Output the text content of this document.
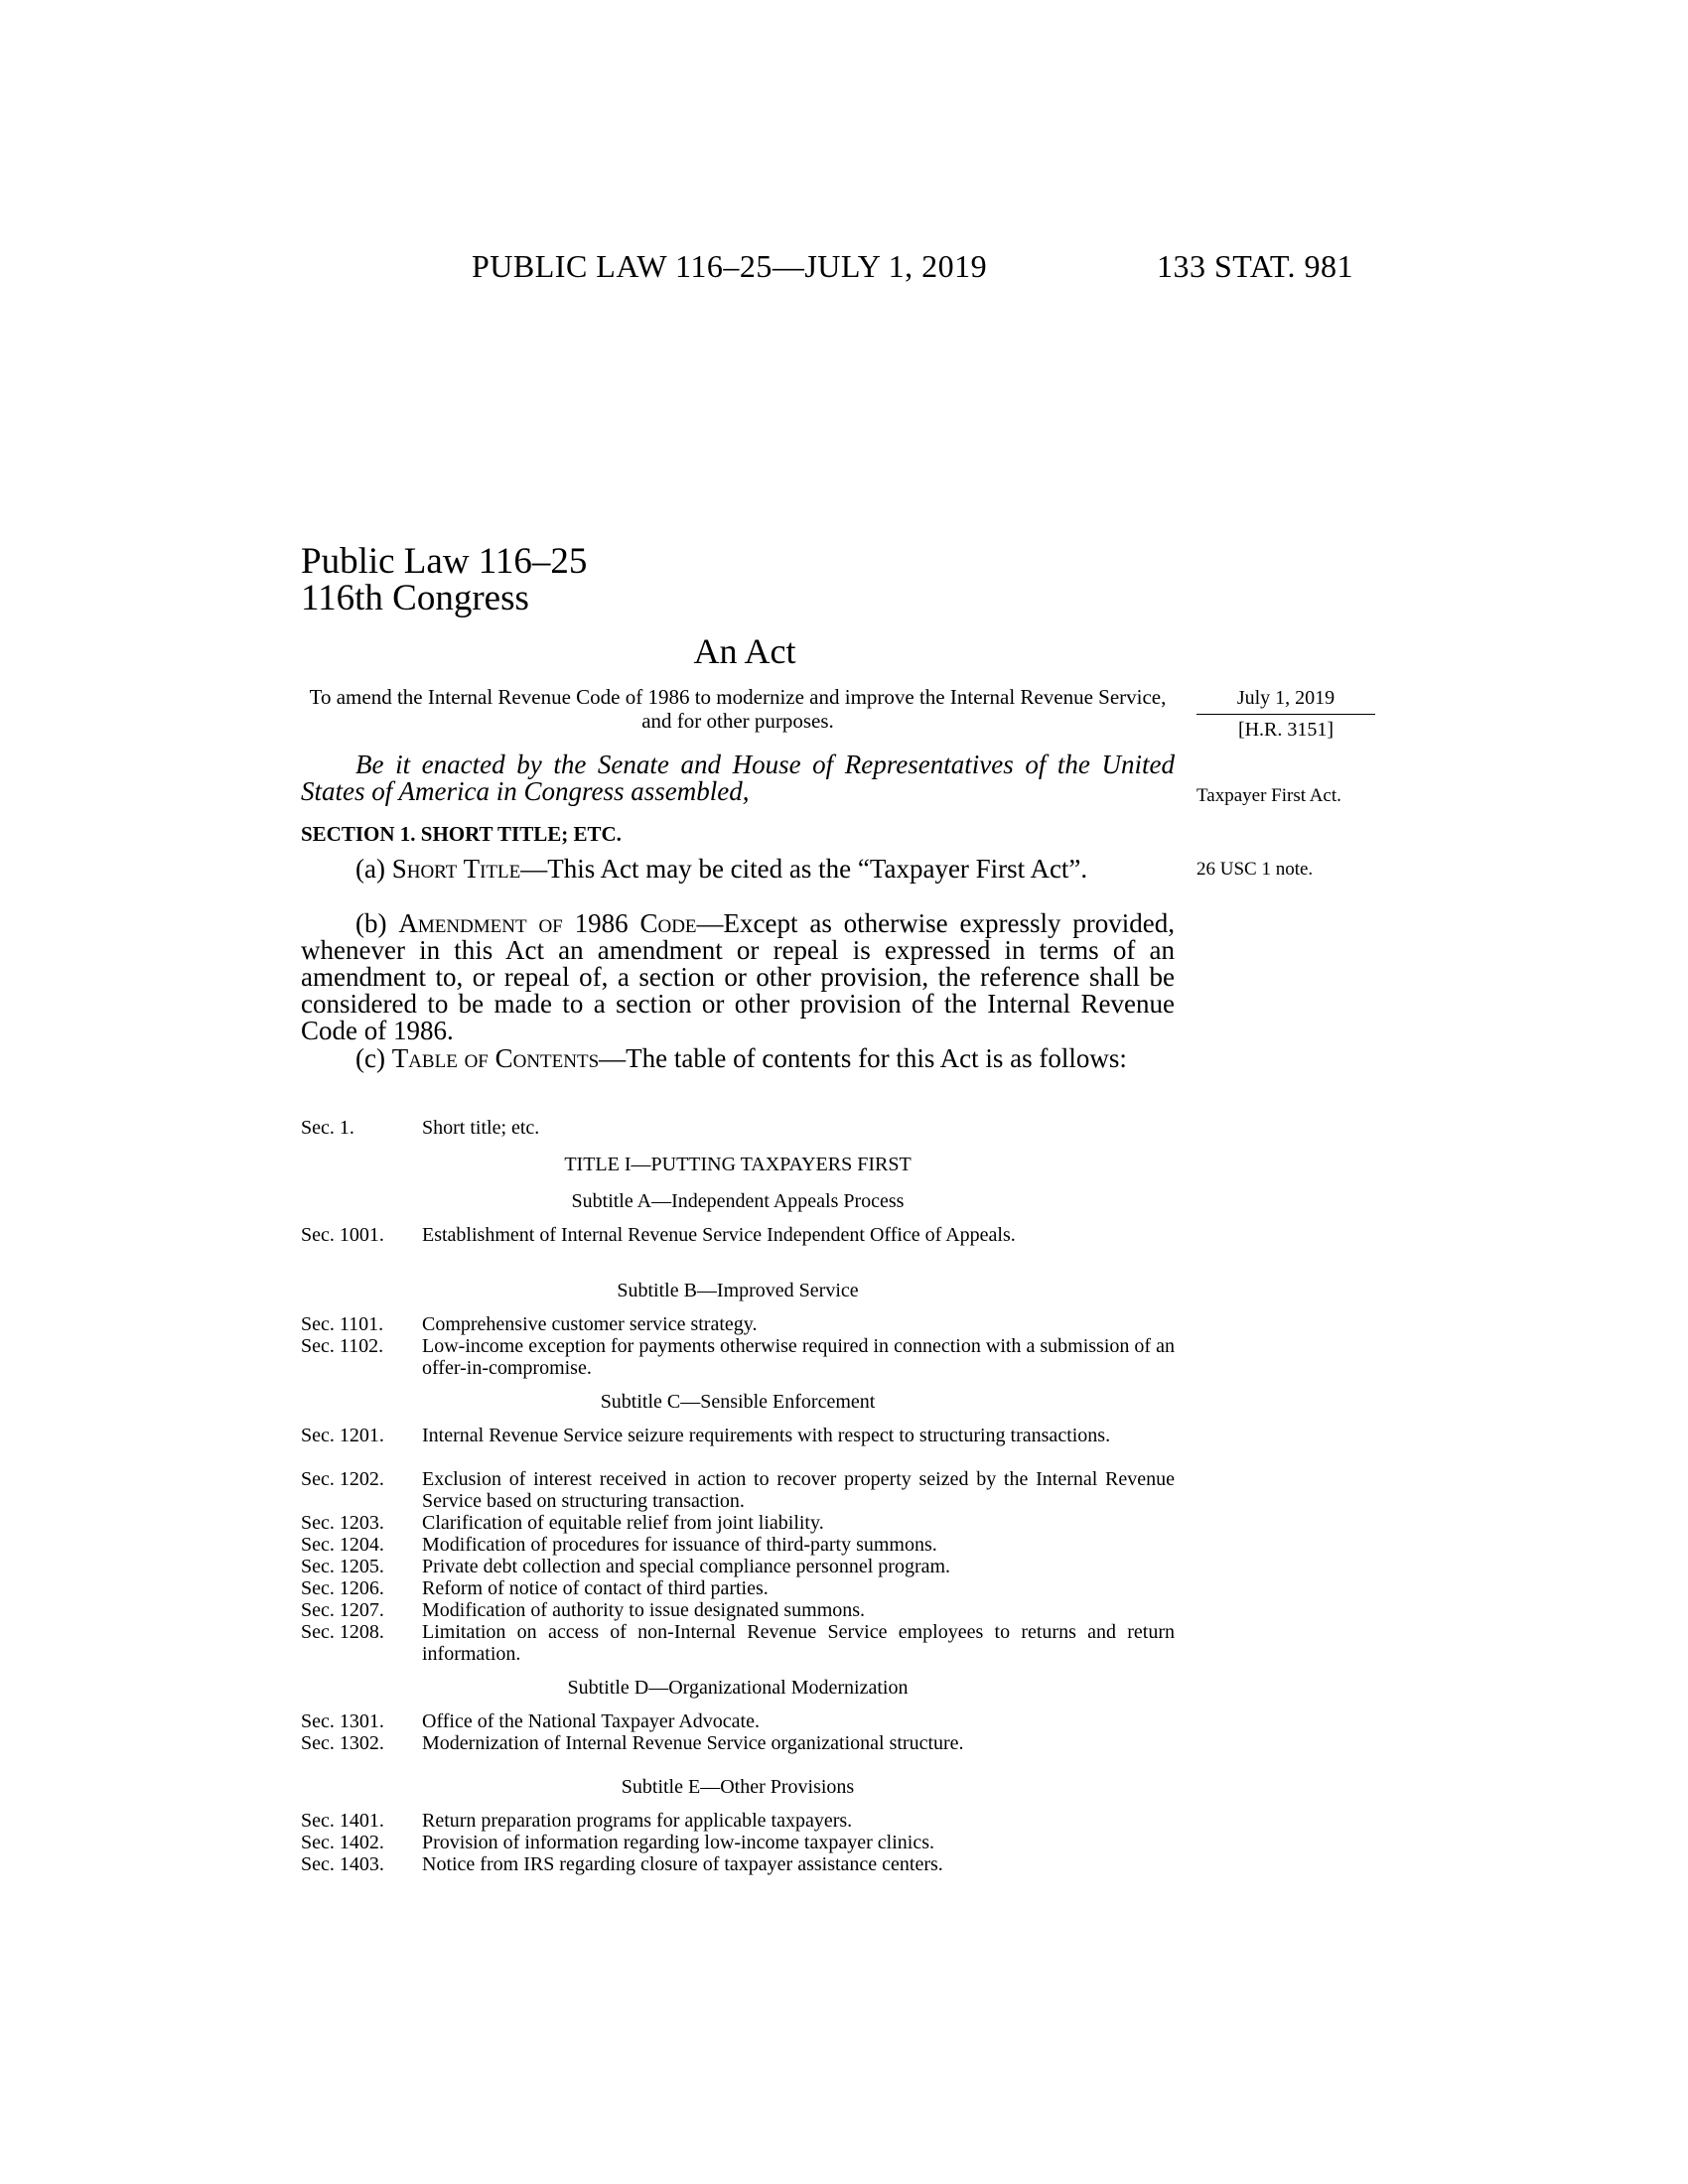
PUBLIC LAW 116–25—JULY 1, 2019	133 STAT. 981
Public Law 116–25
116th Congress
An Act
To amend the Internal Revenue Code of 1986 to modernize and improve the Internal Revenue Service, and for other purposes.
July 1, 2019
[H.R. 3151]
Taxpayer First Act.
26 USC 1 note.
Be it enacted by the Senate and House of Representatives of the United States of America in Congress assembled,
SECTION 1. SHORT TITLE; ETC.
(a) Short Title—This Act may be cited as the “Taxpayer First Act”.
(b) Amendment of 1986 Code—Except as otherwise expressly provided, whenever in this Act an amendment or repeal is expressed in terms of an amendment to, or repeal of, a section or other provision, the reference shall be considered to be made to a section or other provision of the Internal Revenue Code of 1986.
(c) Table of Contents—The table of contents for this Act is as follows:
Sec. 1.	Short title; etc.
TITLE I—PUTTING TAXPAYERS FIRST
Subtitle A—Independent Appeals Process
Sec. 1001.	Establishment of Internal Revenue Service Independent Office of Appeals.
Subtitle B—Improved Service
Sec. 1101.	Comprehensive customer service strategy.
Sec. 1102.	Low-income exception for payments otherwise required in connection with a submission of an offer-in-compromise.
Subtitle C—Sensible Enforcement
Sec. 1201.	Internal Revenue Service seizure requirements with respect to structuring transactions.
Sec. 1202.	Exclusion of interest received in action to recover property seized by the Internal Revenue Service based on structuring transaction.
Sec. 1203.	Clarification of equitable relief from joint liability.
Sec. 1204.	Modification of procedures for issuance of third-party summons.
Sec. 1205.	Private debt collection and special compliance personnel program.
Sec. 1206.	Reform of notice of contact of third parties.
Sec. 1207.	Modification of authority to issue designated summons.
Sec. 1208.	Limitation on access of non-Internal Revenue Service employees to returns and return information.
Subtitle D—Organizational Modernization
Sec. 1301.	Office of the National Taxpayer Advocate.
Sec. 1302.	Modernization of Internal Revenue Service organizational structure.
Subtitle E—Other Provisions
Sec. 1401.	Return preparation programs for applicable taxpayers.
Sec. 1402.	Provision of information regarding low-income taxpayer clinics.
Sec. 1403.	Notice from IRS regarding closure of taxpayer assistance centers.
